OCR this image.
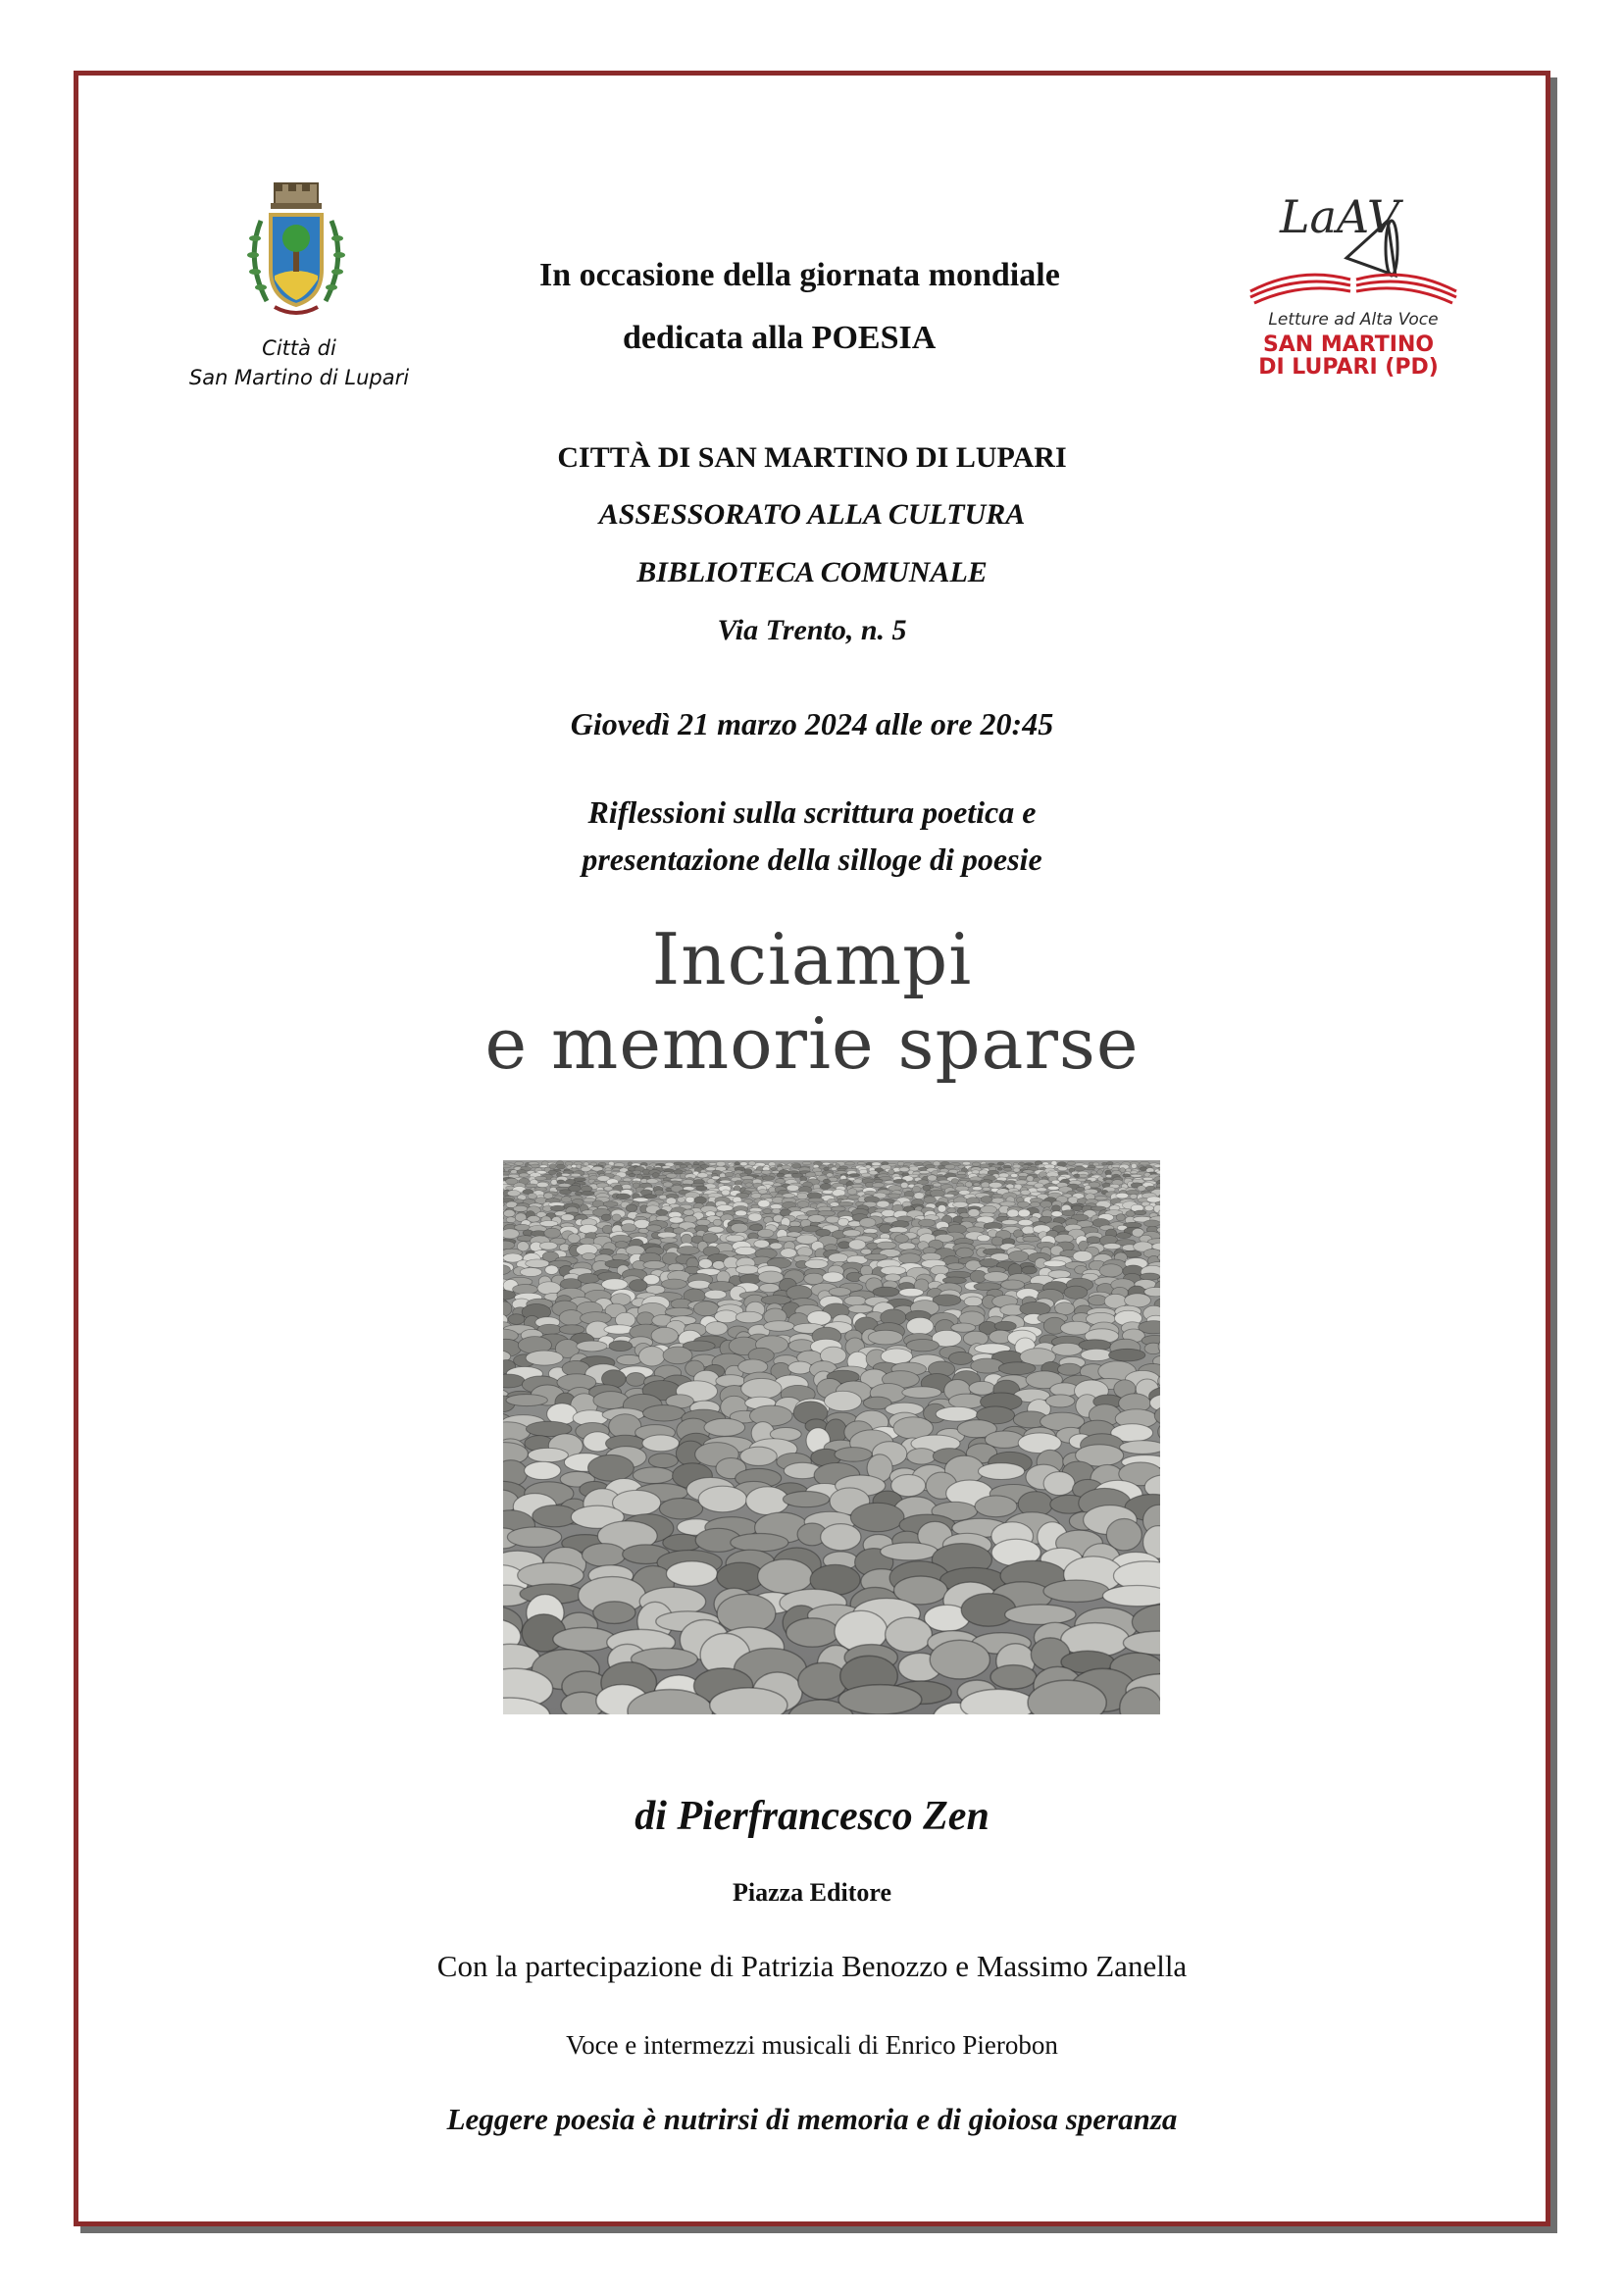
Città di
San Martino di Lupari
In occasione della giornata mondiale
dedicata alla POESIA
LaAV
Letture ad Alta Voce
SAN MARTINO
DI LUPARI (PD)
CITTÀ DI SAN MARTINO DI LUPARI
ASSESSORATO ALLA CULTURA
BIBLIOTECA COMUNALE
Via Trento, n. 5
Giovedì 21 marzo 2024 alle ore 20:45
Riflessioni sulla scrittura poetica e
presentazione della silloge di poesie
Inciampi
e memorie sparse
di Pierfrancesco Zen
Piazza Editore
Con la partecipazione di Patrizia Benozzo e Massimo Zanella
Voce e intermezzi musicali di Enrico Pierobon
Leggere poesia è nutrirsi di memoria e di gioiosa speranza
